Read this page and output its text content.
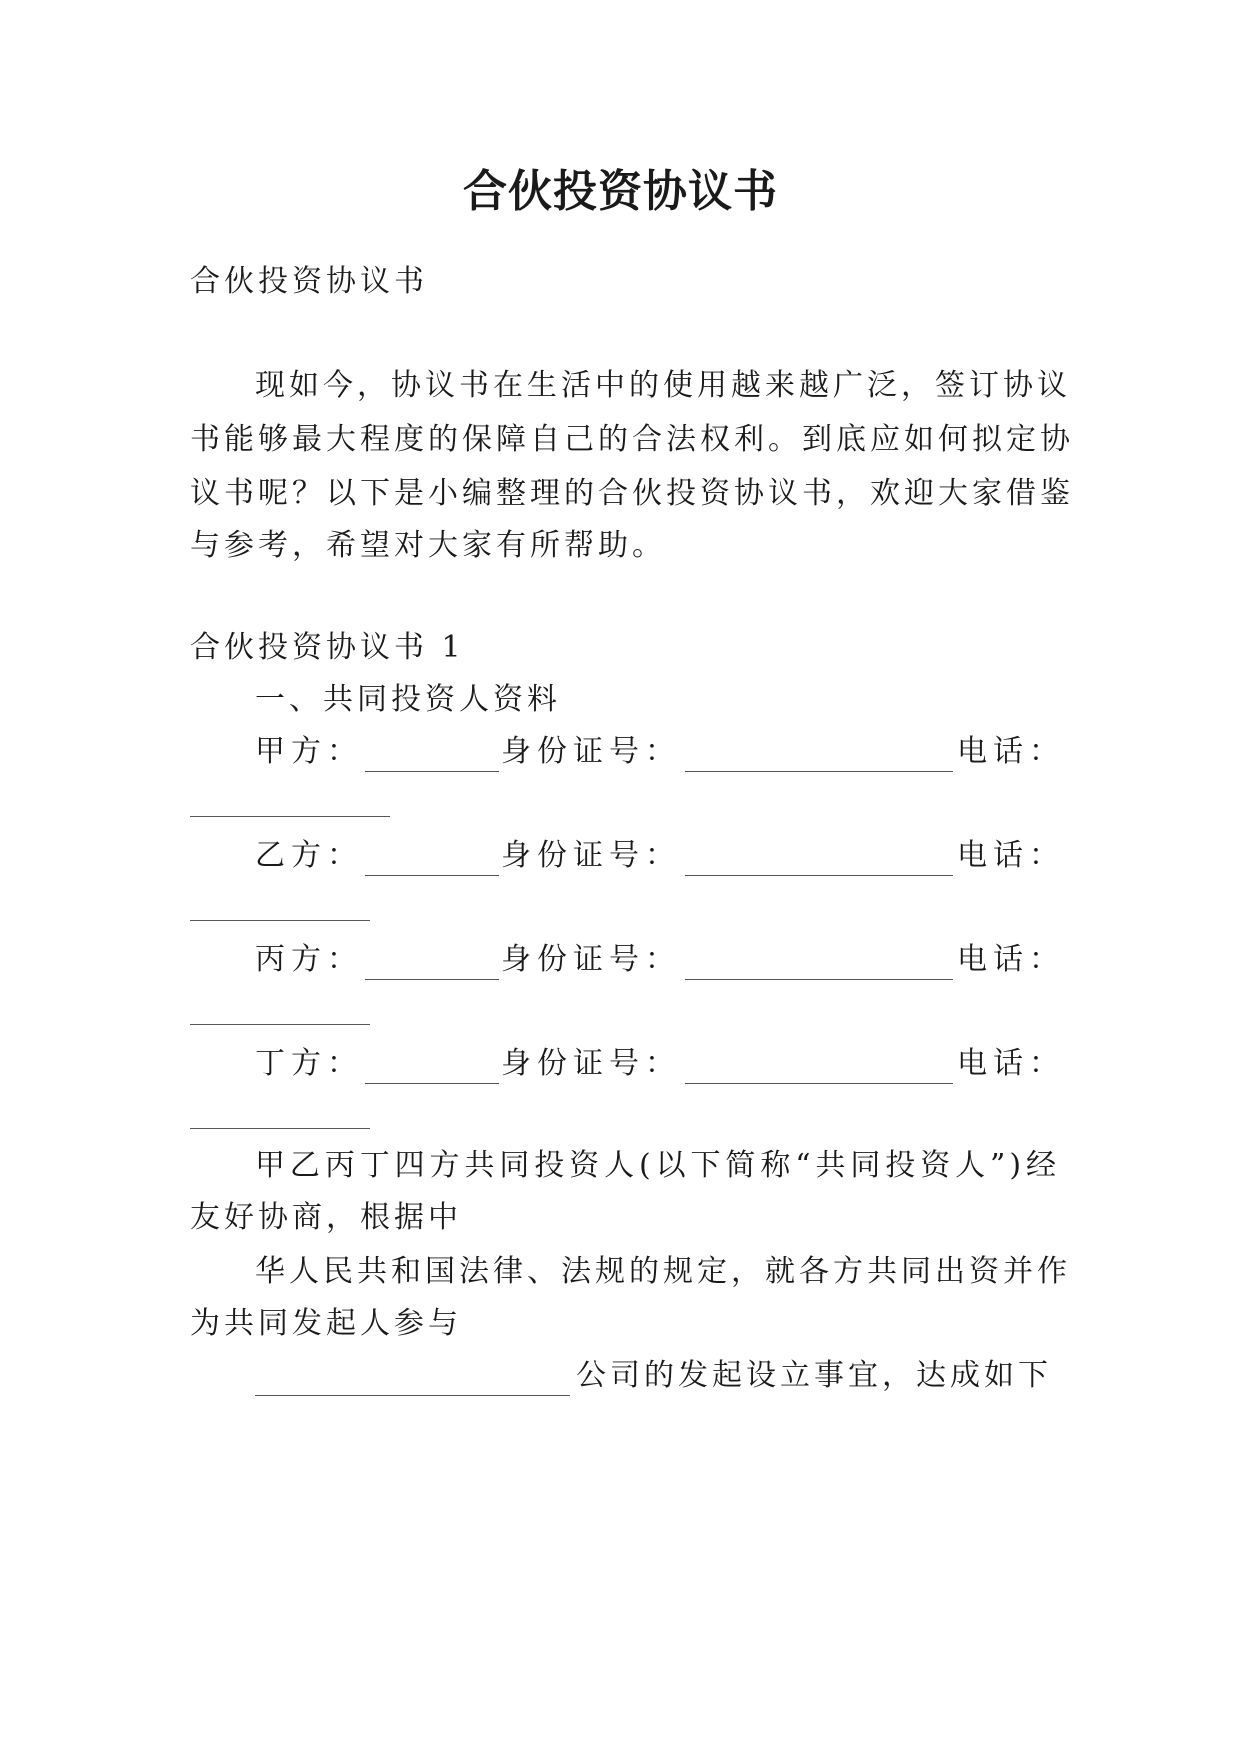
合伙投资协议书
合伙投资协议书
现如今，协议书在生活中的使用越来越广泛，签订协议
书能够最大程度的保障自己的合法权利。到底应如何拟定协
议书呢？以下是小编整理的合伙投资协议书，欢迎大家借鉴
与参考，希望对大家有所帮助。
合伙投资协议书 1
一、共同投资人资料
甲方：	身份证号：	电话：
乙方：	身份证号：	电话：
丙方：	身份证号：	电话：
丁方：	身份证号：	电话：
甲乙丙丁四方共同投资人(以下简称“共同投资人”)经
友好协商，根据中
华人民共和国法律、法规的规定，就各方共同出资并作
为共同发起人参与
公司的发起设立事宜，达成如下
